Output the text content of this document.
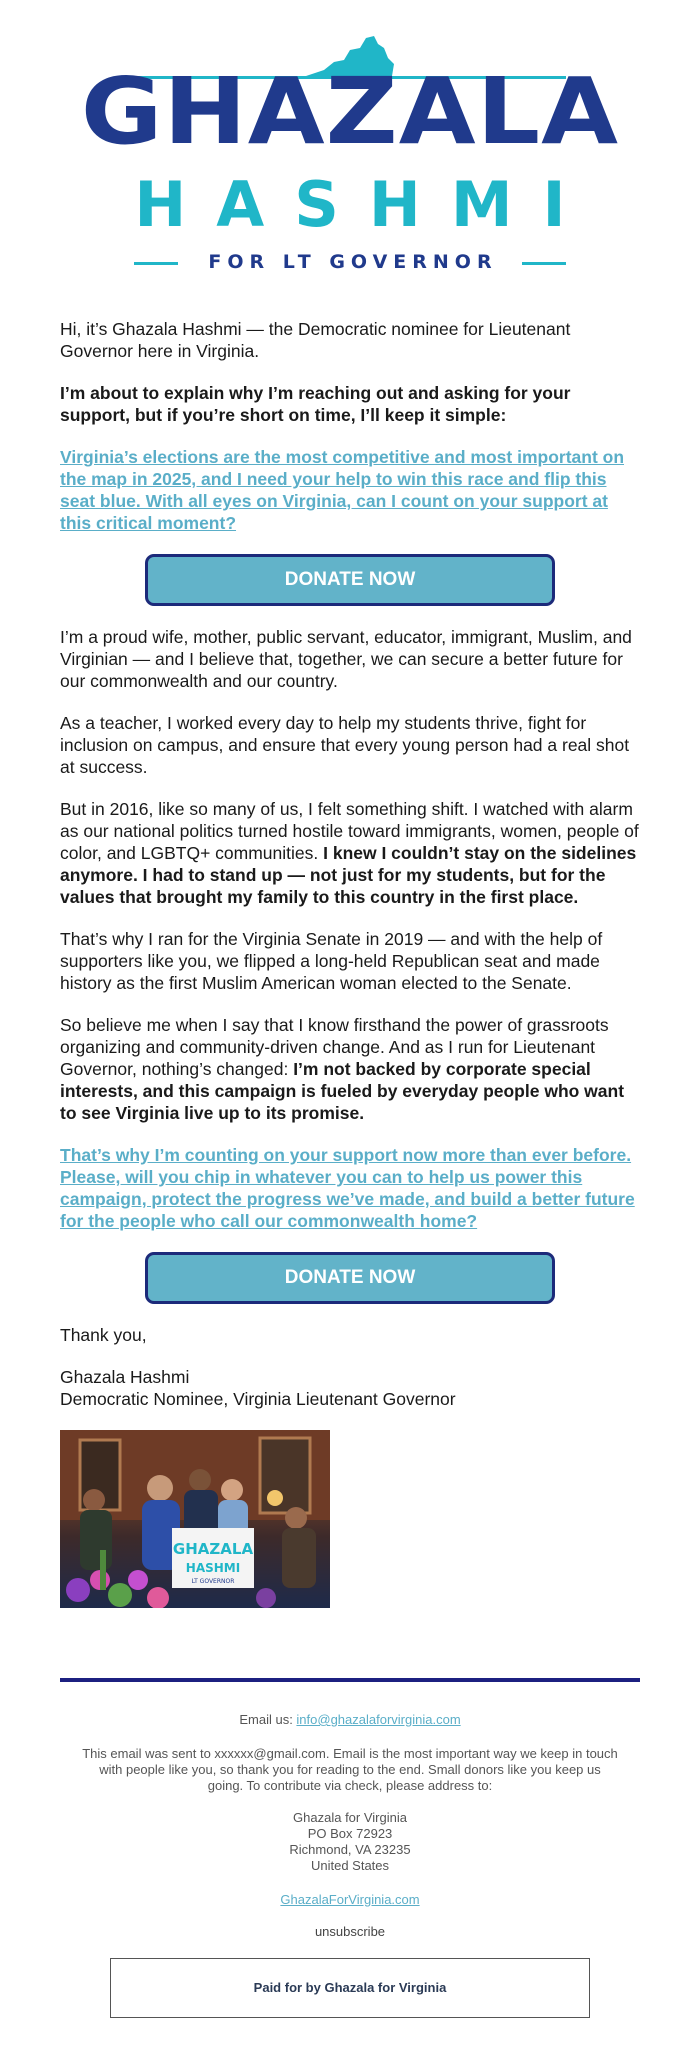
GHAZALA
HASHMI
FOR LT GOVERNOR

Hi, it’s Ghazala Hashmi — the Democratic nominee for Lieutenant Governor here in Virginia.

I’m about to explain why I’m reaching out and asking for your support, but if you’re short on time, I’ll keep it simple:

Virginia’s elections are the most competitive and most important on the map in 2025, and I need your help to win this race and flip this seat blue. With all eyes on Virginia, can I count on your support at this critical moment?

DONATE NOW

I’m a proud wife, mother, public servant, educator, immigrant, Muslim, and Virginian — and I believe that, together, we can secure a better future for our commonwealth and our country.

As a teacher, I worked every day to help my students thrive, fight for inclusion on campus, and ensure that every young person had a real shot at success.

But in 2016, like so many of us, I felt something shift. I watched with alarm as our national politics turned hostile toward immigrants, women, people of color, and LGBTQ+ communities. I knew I couldn’t stay on the sidelines anymore. I had to stand up — not just for my students, but for the values that brought my family to this country in the first place.

That’s why I ran for the Virginia Senate in 2019 — and with the help of supporters like you, we flipped a long-held Republican seat and made history as the first Muslim American woman elected to the Senate.

So believe me when I say that I know firsthand the power of grassroots organizing and community-driven change. And as I run for Lieutenant Governor, nothing’s changed: I’m not backed by corporate special interests, and this campaign is fueled by everyday people who want to see Virginia live up to its promise.

That’s why I’m counting on your support now more than ever before. Please, will you chip in whatever you can to help us power this campaign, protect the progress we’ve made, and build a better future for the people who call our commonwealth home?

DONATE NOW

Thank you,

Ghazala Hashmi

Democratic Nominee, Virginia Lieutenant Governor

GHAZALA
HASHMI
LT GOVERNOR
Email us: info@ghazalaforvirginia.com
This email was sent to xxxxxx@gmail.com. Email is the most important way we keep in touch with people like you, so thank you for reading to the end. Small donors like you keep us going. To contribute via check, please address to:
Ghazala for Virginia
PO Box 72923
Richmond, VA 23235
United States
GhazalaForVirginia.com
unsubscribe
Paid for by Ghazala for Virginia
